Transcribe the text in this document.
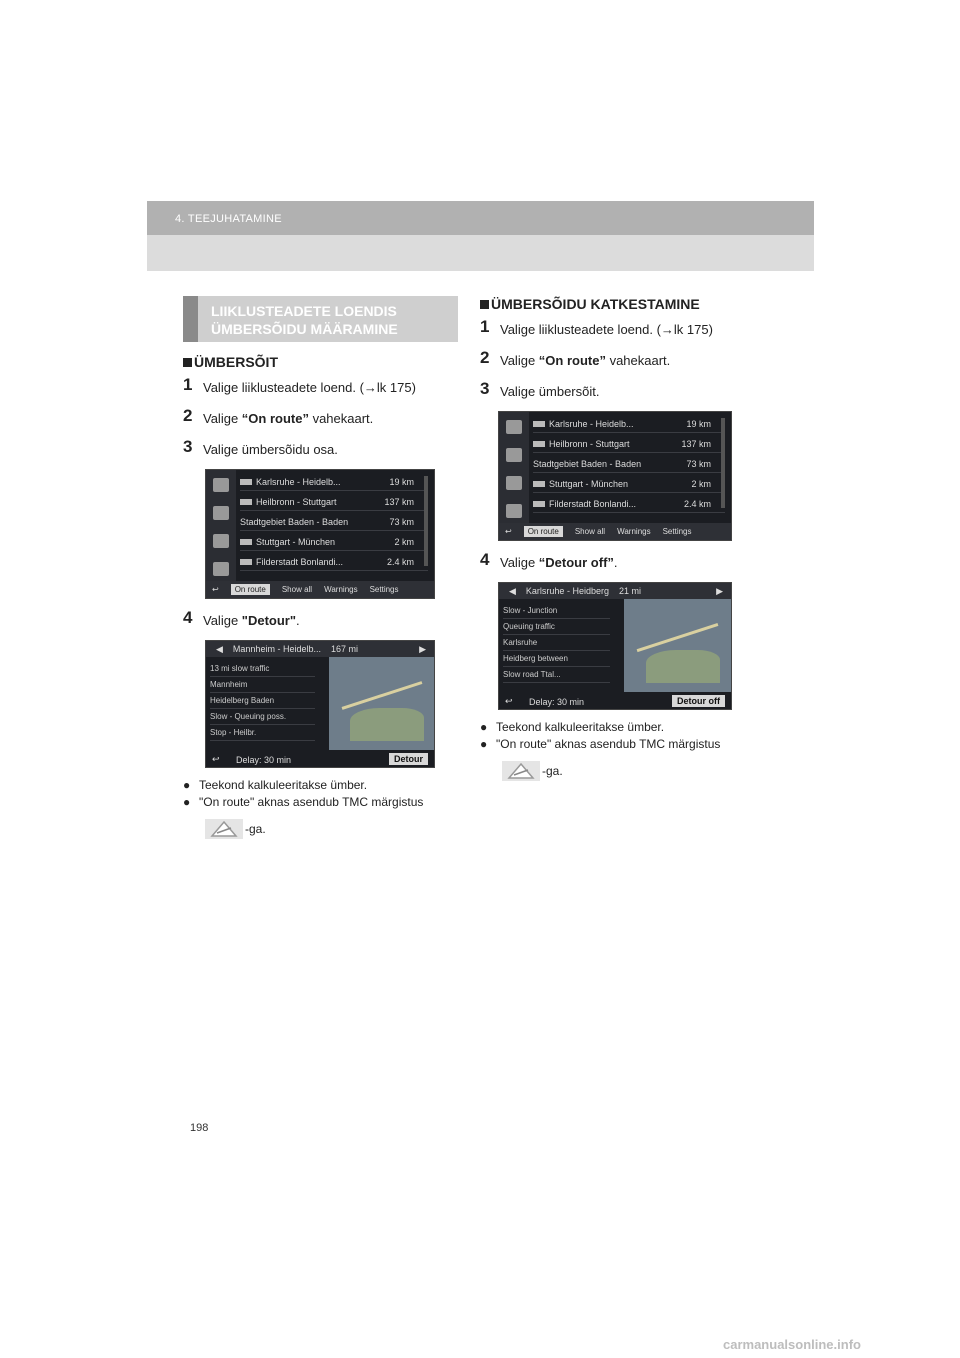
4. TEEJUHATAMINE
LIIKLUSTEADETE LOENDIS
ÜMBERSÕIDU MÄÄRAMINE
ÜMBERSÕIT
1 Valige liiklusteadete loend. (→lk 175)
2 Valige “On route” vahekaart.
3 Valige ümbersõidu osa.
Karlsruhe - Heidelb...	19 km
Heilbronn - Stuttgart	137 km
Stadtgebiet Baden - Baden	73 km
Stuttgart - München	2 km
Filderstadt Bonlandi...	2.4 km
↩	On route	Show all Warnings Settings
4 Valige "Detour".
◀ Mannheim - Heidelb... 167 mi	▶
13 mi slow traffic
Mannheim
Heidelberg Baden
Slow - Queuing poss.
Stop - Heilbr.
↩ Delay: 30 min	Detour
● Teekond kalkuleeritakse ümber.
● "On route" aknas asendub TMC märgistus
-ga.
ÜMBERSÕIDU KATKESTAMINE
1 Valige liiklusteadete loend. (→lk 175)
2 Valige “On route” vahekaart.
3 Valige ümbersõit.
Karlsruhe - Heidelb...	19 km
Heilbronn - Stuttgart	137 km
Stadtgebiet Baden - Baden	73 km
Stuttgart - München	2 km
Filderstadt Bonlandi...	2.4 km
↩	On route	Show all Warnings Settings
4 Valige “Detour off”.
◀ Karlsruhe - Heidberg 21 mi	▶
Slow - Junction
Queuing traffic
Karlsruhe
Heidberg between
Slow road Ttal...
↩ Delay: 30 min	Detour off
● Teekond kalkuleeritakse ümber.
● "On route" aknas asendub TMC märgistus
-ga.
198
carmanualsonline.info
